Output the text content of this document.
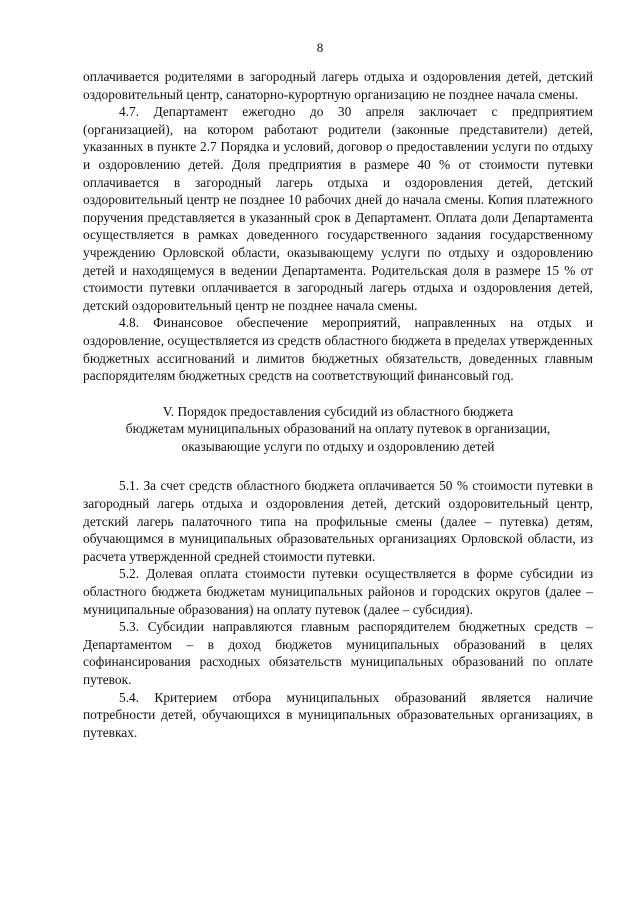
8

оплачивается родителями в загородный лагерь отдыха и оздоровления детей, детский оздоровительный центр, санаторно-курортную организацию не позднее начала смены.

4.7. Департамент ежегодно до 30 апреля заключает с предприятием (организацией), на котором работают родители (законные представители) детей, указанных в пункте 2.7 Порядка и условий, договор о предоставлении услуги по отдыху и оздоровлению детей. Доля предприятия в размере 40 % от стоимости путевки оплачивается в загородный лагерь отдыха и оздоровления детей, детский оздоровительный центр не позднее 10 рабочих дней до начала смены. Копия платежного поручения представляется в указанный срок в Департамент. Оплата доли Департамента осуществляется в рамках доведенного государственного задания государственному учреждению Орловской области, оказывающему услуги по отдыху и оздоровлению детей и находящемуся в ведении Департамента. Родительская доля в размере 15 % от стоимости путевки оплачивается в загородный лагерь отдыха и оздоровления детей, детский оздоровительный центр не позднее начала смены.

4.8. Финансовое обеспечение мероприятий, направленных на отдых и оздоровление, осуществляется из средств областного бюджета в пределах утвержденных бюджетных ассигнований и лимитов бюджетных обязательств, доведенных главным распорядителям бюджетных средств на соответствующий финансовый год.

V. Порядок предоставления субсидий из областного бюджета
бюджетам муниципальных образований на оплату путевок в организации,
оказывающие услуги по отдыху и оздоровлению детей

5.1. За счет средств областного бюджета оплачивается 50 % стоимости путевки в загородный лагерь отдыха и оздоровления детей, детский оздоровительный центр, детский лагерь палаточного типа на профильные смены (далее – путевка) детям, обучающимся в муниципальных образовательных организациях Орловской области, из расчета утвержденной средней стоимости путевки.

5.2. Долевая оплата стоимости путевки осуществляется в форме субсидии из областного бюджета бюджетам муниципальных районов и городских округов (далее – муниципальные образования) на оплату путевок (далее – субсидия).

5.3. Субсидии направляются главным распорядителем бюджетных средств – Департаментом – в доход бюджетов муниципальных образований в целях софинансирования расходных обязательств муниципальных образований по оплате путевок.

5.4. Критерием отбора муниципальных образований является наличие потребности детей, обучающихся в муниципальных образовательных организациях, в путевках.
